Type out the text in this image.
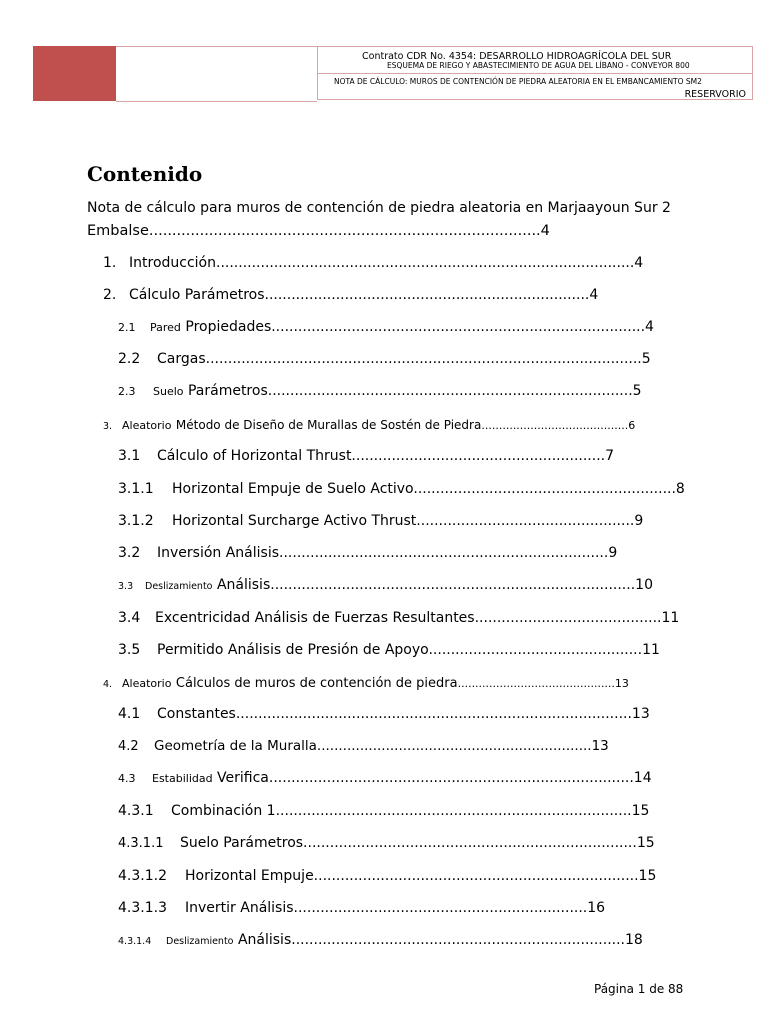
Contrato CDR No. 4354: DESARROLLO HIDROAGRÍCOLA DEL SUR
ESQUEMA DE RIEGO Y ABASTECIMIENTO DE AGUA DEL LÍBANO - CONVEYOR 800
NOTA DE CÁLCULO: MUROS DE CONTENCIÓN DE PIEDRA ALEATORIA EN EL EMBANCAMIENTO SM2
RESERVORIO
Contenido
Nota de cálculo para muros de contención de piedra aleatoria en Marjaayoun Sur 2
Embalse.....................................................................................4
1. Introducción..............................................................................................4
2. Cálculo Parámetros.........................................................................4
2.1 Pared Propiedades....................................................................................4
2.2 Cargas..................................................................................................5
2.3 Suelo Parámetros..................................................................................5
3. Aleatorio Método de Diseño de Murallas de Sostén de Piedra..........................................6
3.1 Cálculo of Horizontal Thrust.........................................................7
3.1.1 Horizontal Empuje de Suelo Activo...........................................................8
3.1.2 Horizontal Surcharge Activo Thrust.................................................9
3.2 Inversión Análisis..........................................................................9
3.3 Deslizamiento Análisis..................................................................................10
3.4 Excentricidad Análisis de Fuerzas Resultantes..........................................11
3.5 Permitido Análisis de Presión de Apoyo................................................11
4. Aleatorio Cálculos de muros de contención de piedra.............................................13
4.1 Constantes.........................................................................................13
4.2 Geometría de la Muralla................................................................13
4.3 Estabilidad Verifica..................................................................................14
4.3.1 Combinación 1................................................................................15
4.3.1.1 Suelo Parámetros...........................................................................15
4.3.1.2 Horizontal Empuje.........................................................................15
4.3.1.3 Invertir Análisis..................................................................16
4.3.1.4 Deslizamiento Análisis...........................................................................18
Página 1 de 88
